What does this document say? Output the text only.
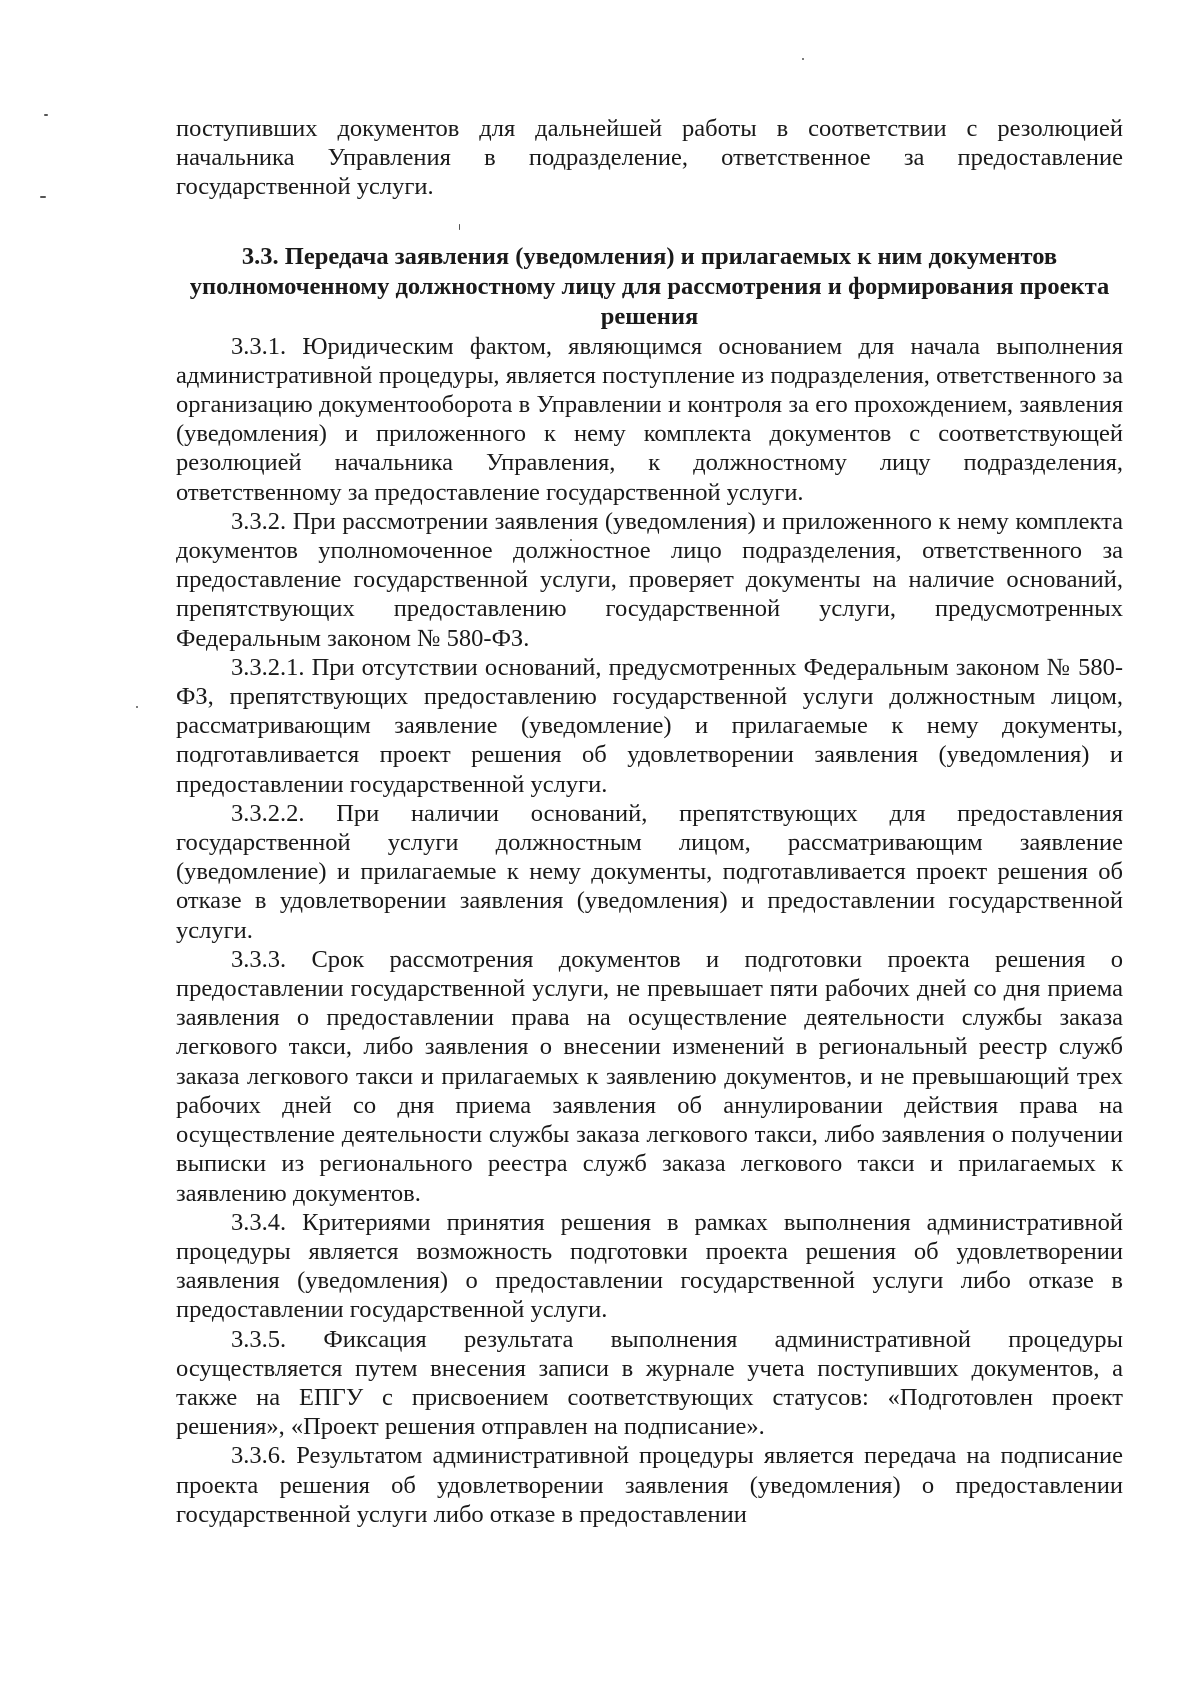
поступивших документов для дальнейшей работы в соответствии с резолюцией начальника Управления в подразделение, ответственное за предоставление государственной услуги.

3.3. Передача заявления (уведомления) и прилагаемых к ним документов уполномоченному должностному лицу для рассмотрения и формирования проекта решения

3.3.1. Юридическим фактом, являющимся основанием для начала выполнения административной процедуры, является поступление из подразделения, ответственного за организацию документооборота в Управлении и контроля за его прохождением, заявления (уведомления) и приложенного к нему комплекта документов с соответствующей резолюцией начальника Управления, к должностному лицу подразделения, ответственному за предоставление государственной услуги.

3.3.2. При рассмотрении заявления (уведомления) и приложенного к нему комплекта документов уполномоченное должностное лицо подразделения, ответственного за предоставление государственной услуги, проверяет документы на наличие оснований, препятствующих предоставлению государственной услуги, предусмотренных Федеральным законом № 580-ФЗ.

3.3.2.1. При отсутствии оснований, предусмотренных Федеральным законом № 580-ФЗ, препятствующих предоставлению государственной услуги должностным лицом, рассматривающим заявление (уведомление) и прилагаемые к нему документы, подготавливается проект решения об удовлетворении заявления (уведомления) и предоставлении государственной услуги.

3.3.2.2. При наличии оснований, препятствующих для предоставления государственной услуги должностным лицом, рассматривающим заявление (уведомление) и прилагаемые к нему документы, подготавливается проект решения об отказе в удовлетворении заявления (уведомления) и предоставлении государственной услуги.

3.3.3. Срок рассмотрения документов и подготовки проекта решения о предоставлении государственной услуги, не превышает пяти рабочих дней со дня приема заявления о предоставлении права на осуществление деятельности службы заказа легкового такси, либо заявления о внесении изменений в региональный реестр служб заказа легкового такси и прилагаемых к заявлению документов, и не превышающий трех рабочих дней со дня приема заявления об аннулировании действия права на осуществление деятельности службы заказа легкового такси, либо заявления о получении выписки из регионального реестра служб заказа легкового такси и прилагаемых к заявлению документов.

3.3.4. Критериями принятия решения в рамках выполнения административной процедуры является возможность подготовки проекта решения об удовлетворении заявления (уведомления) о предоставлении государственной услуги либо отказе в предоставлении государственной услуги.

3.3.5. Фиксация результата выполнения административной процедуры осуществляется путем внесения записи в журнале учета поступивших документов, а также на ЕПГУ с присвоением соответствующих статусов: «Подготовлен проект решения», «Проект решения отправлен на подписание».

3.3.6. Результатом административной процедуры является передача на подписание проекта решения об удовлетворении заявления (уведомления) о предоставлении государственной услуги либо отказе в предоставлении
